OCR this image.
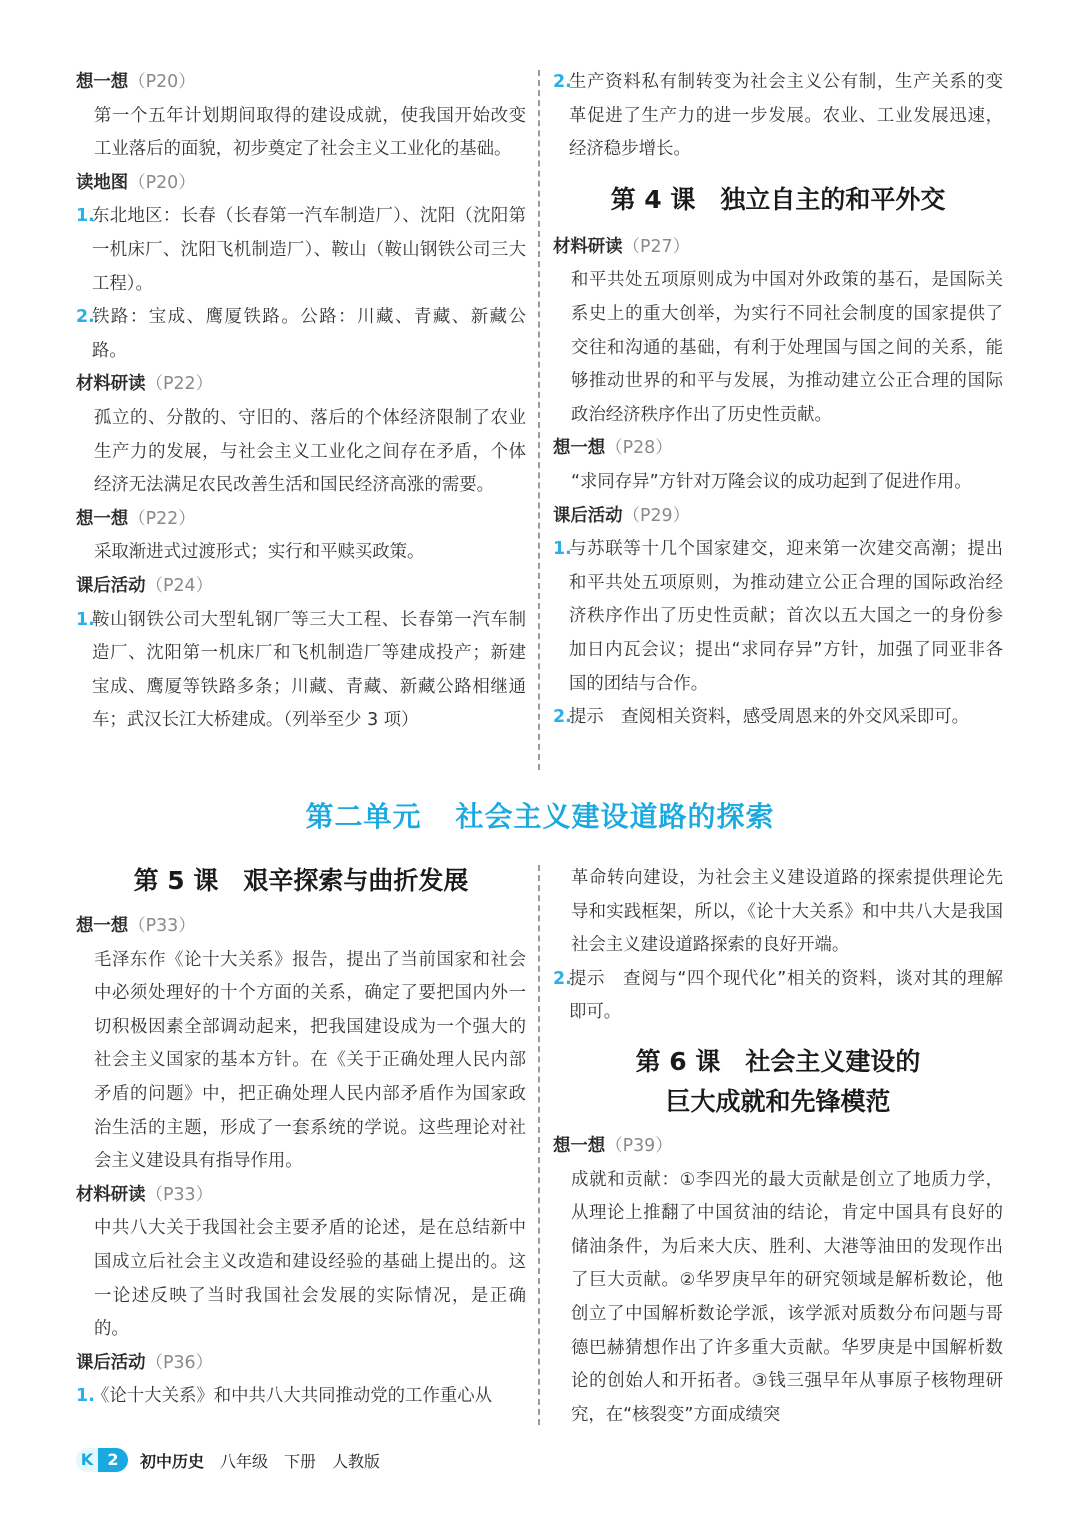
想一想（P20）
第一个五年计划期间取得的建设成就，使我国开始改变工业落后的面貌，初步奠定了社会主义工业化的基础。
读地图（P20）
1.
东北地区：长春（长春第一汽车制造厂）、沈阳（沈阳第一机床厂、沈阳飞机制造厂）、鞍山（鞍山钢铁公司三大工程）。
2.
铁路：宝成、鹰厦铁路。公路：川藏、青藏、新藏公路。
材料研读（P22）
孤立的、分散的、守旧的、落后的个体经济限制了农业生产力的发展，与社会主义工业化之间存在矛盾，个体经济无法满足农民改善生活和国民经济高涨的需要。
想一想（P22）
采取渐进式过渡形式；实行和平赎买政策。
课后活动（P24）
1.
鞍山钢铁公司大型轧钢厂等三大工程、长春第一汽车制造厂、沈阳第一机床厂和飞机制造厂等建成投产；新建宝成、鹰厦等铁路多条；川藏、青藏、新藏公路相继通车；武汉长江大桥建成。（列举至少 3 项）
2.
生产资料私有制转变为社会主义公有制，生产关系的变革促进了生产力的进一步发展。农业、工业发展迅速，经济稳步增长。
第 4 课　独立自主的和平外交
材料研读（P27）
和平共处五项原则成为中国对外政策的基石，是国际关系史上的重大创举，为实行不同社会制度的国家提供了交往和沟通的基础，有利于处理国与国之间的关系，能够推动世界的和平与发展，为推动建立公正合理的国际政治经济秩序作出了历史性贡献。
想一想（P28）
“求同存异”方针对万隆会议的成功起到了促进作用。
课后活动（P29）
1.
与苏联等十几个国家建交，迎来第一次建交高潮；提出和平共处五项原则，为推动建立公正合理的国际政治经济秩序作出了历史性贡献；首次以五大国之一的身份参加日内瓦会议；提出“求同存异”方针，加强了同亚非各国的团结与合作。
2.
提示　查阅相关资料，感受周恩来的外交风采即可。
第二单元 社会主义建设道路的探索
第 5 课　艰辛探索与曲折发展
想一想（P33）
毛泽东作《论十大关系》报告，提出了当前国家和社会中必须处理好的十个方面的关系，确定了要把国内外一切积极因素全部调动起来，把我国建设成为一个强大的社会主义国家的基本方针。在《关于正确处理人民内部矛盾的问题》中，把正确处理人民内部矛盾作为国家政治生活的主题，形成了一套系统的学说。这些理论对社会主义建设具有指导作用。
材料研读（P33）
中共八大关于我国社会主要矛盾的论述，是在总结新中国成立后社会主义改造和建设经验的基础上提出的。这一论述反映了当时我国社会发展的实际情况，是正确的。
课后活动（P36）
1.
《论十大关系》和中共八大共同推动党的工作重心从
革命转向建设，为社会主义建设道路的探索提供理论先导和实践框架，所以，《论十大关系》和中共八大是我国社会主义建设道路探索的良好开端。
2.
提示　查阅与“四个现代化”相关的资料，谈对其的理解即可。
第 6 课　社会主义建设的
巨大成就和先锋模范
想一想（P39）
成就和贡献：①李四光的最大贡献是创立了地质力学，从理论上推翻了中国贫油的结论，肯定中国具有良好的储油条件，为后来大庆、胜利、大港等油田的发现作出了巨大贡献。②华罗庚早年的研究领域是解析数论，他创立了中国解析数论学派，该学派对质数分布问题与哥德巴赫猜想作出了许多重大贡献。华罗庚是中国解析数论的创始人和开拓者。③钱三强早年从事原子核物理研究，在“核裂变”方面成绩突
K 2	初中历史 八年级 下册 人教版
